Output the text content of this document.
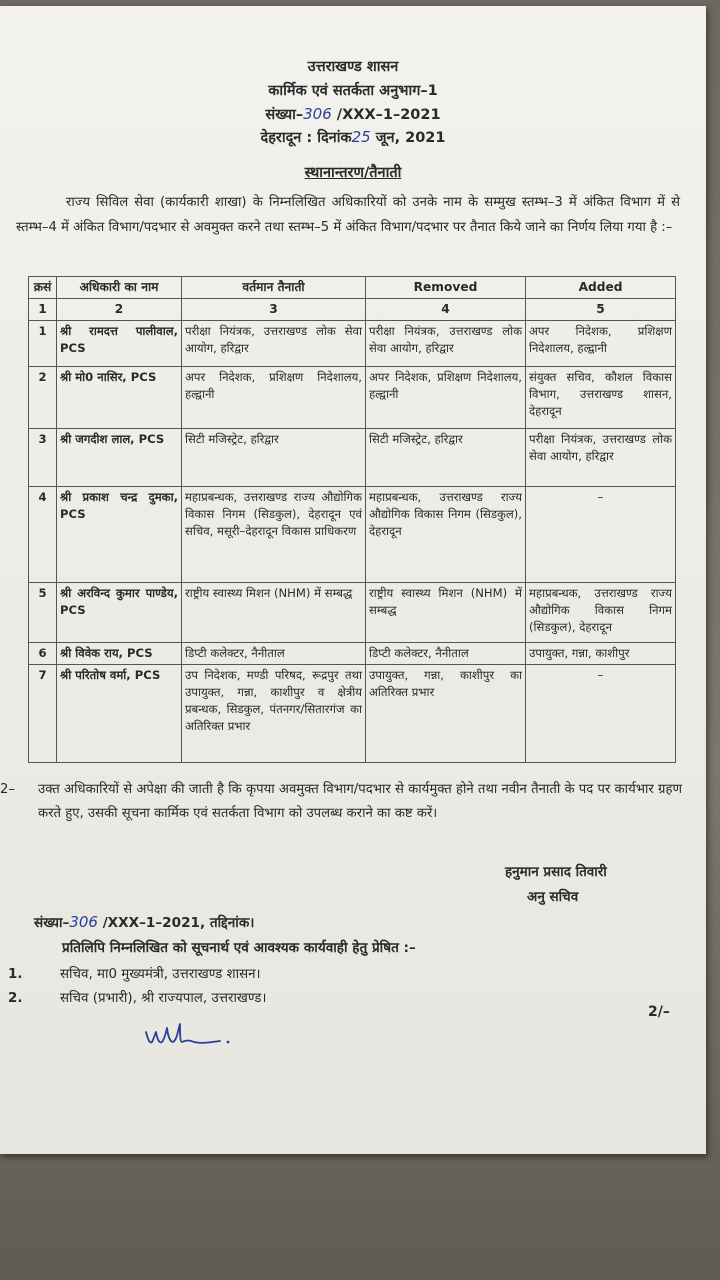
उत्तराखण्ड शासन
कार्मिक एवं सतर्कता अनुभाग–1
संख्या–306 /XXX–1–2021
देहरादून : दिनांक25 जून, 2021
स्थानान्तरण/तैनाती
राज्य सिविल सेवा (कार्यकारी शाखा) के निम्नलिखित अधिकारियों को उनके नाम के सम्मुख स्तम्भ–3 में अंकित विभाग में से स्तम्भ–4 में अंकित विभाग/पदभार से अवमुक्त करने तथा स्तम्भ–5 में अंकित विभाग/पदभार पर तैनात किये जाने का निर्णय लिया गया है :–
क्रसं	अधिकारी का नाम	वर्तमान तैनाती	Removed	Added
1	2	3	4	5
1	श्री रामदत्त पालीवाल, PCS	परीक्षा नियंत्रक, उत्तराखण्ड लोक सेवा आयोग, हरिद्वार	परीक्षा नियंत्रक, उत्तराखण्ड लोक सेवा आयोग, हरिद्वार	अपर निदेशक, प्रशिक्षण निदेशालय, हल्द्वानी
2	श्री मो0 नासिर, PCS	अपर निदेशक, प्रशिक्षण निदेशालय, हल्द्वानी	अपर निदेशक, प्रशिक्षण निदेशालय, हल्द्वानी	संयुक्त सचिव, कौशल विकास विभाग, उत्तराखण्ड शासन, देहरादून
3	श्री जगदीश लाल, PCS	सिटी मजिस्ट्रेट, हरिद्वार	सिटी मजिस्ट्रेट, हरिद्वार	परीक्षा नियंत्रक, उत्तराखण्ड लोक सेवा आयोग, हरिद्वार
4	श्री प्रकाश चन्द्र दुमका, PCS	महाप्रबन्धक, उत्तराखण्ड राज्य औद्योगिक विकास निगम (सिडकुल), देहरादून एवं सचिव, मसूरी–देहरादून विकास प्राधिकरण	महाप्रबन्धक, उत्तराखण्ड राज्य औद्योगिक विकास निगम (सिडकुल), देहरादून	–
5	श्री अरविन्द कुमार पाण्डेय, PCS	राष्ट्रीय स्वास्थ्य मिशन (NHM) में सम्बद्ध	राष्ट्रीय स्वास्थ्य मिशन (NHM) में सम्बद्ध	महाप्रबन्धक, उत्तराखण्ड राज्य औद्योगिक विकास निगम (सिडकुल), देहरादून
6	श्री विवेक राय, PCS	डिप्टी कलेक्टर, नैनीताल	डिप्टी कलेक्टर, नैनीताल	उपायुक्त, गन्ना, काशीपुर
7	श्री परितोष वर्मा, PCS	उप निदेशक, मण्डी परिषद, रूद्रपुर तथा उपायुक्त, गन्ना, काशीपुर व क्षेत्रीय प्रबन्धक, सिडकुल, पंतनगर/सितारगंज का अतिरिक्त प्रभार	उपायुक्त, गन्ना, काशीपुर का अतिरिक्त प्रभार	–
2– उक्त अधिकारियों से अपेक्षा की जाती है कि कृपया अवमुक्त विभाग/पदभार से कार्यमुक्त होने तथा नवीन तैनाती के पद पर कार्यभार ग्रहण करते हुए, उसकी सूचना कार्मिक एवं सतर्कता विभाग को उपलब्ध कराने का कष्ट करें।
हनुमान प्रसाद तिवारी
अनु सचिव
संख्या–306 /XXX–1–2021, तद्दिनांक।
प्रतिलिपि निम्नलिखित को सूचनार्थ एवं आवश्यक कार्यवाही हेतु प्रेषित :–
1.	सचिव, मा0 मुख्यमंत्री, उत्तराखण्ड शासन।
2.	सचिव (प्रभारी), श्री राज्यपाल, उत्तराखण्ड।
2/–
